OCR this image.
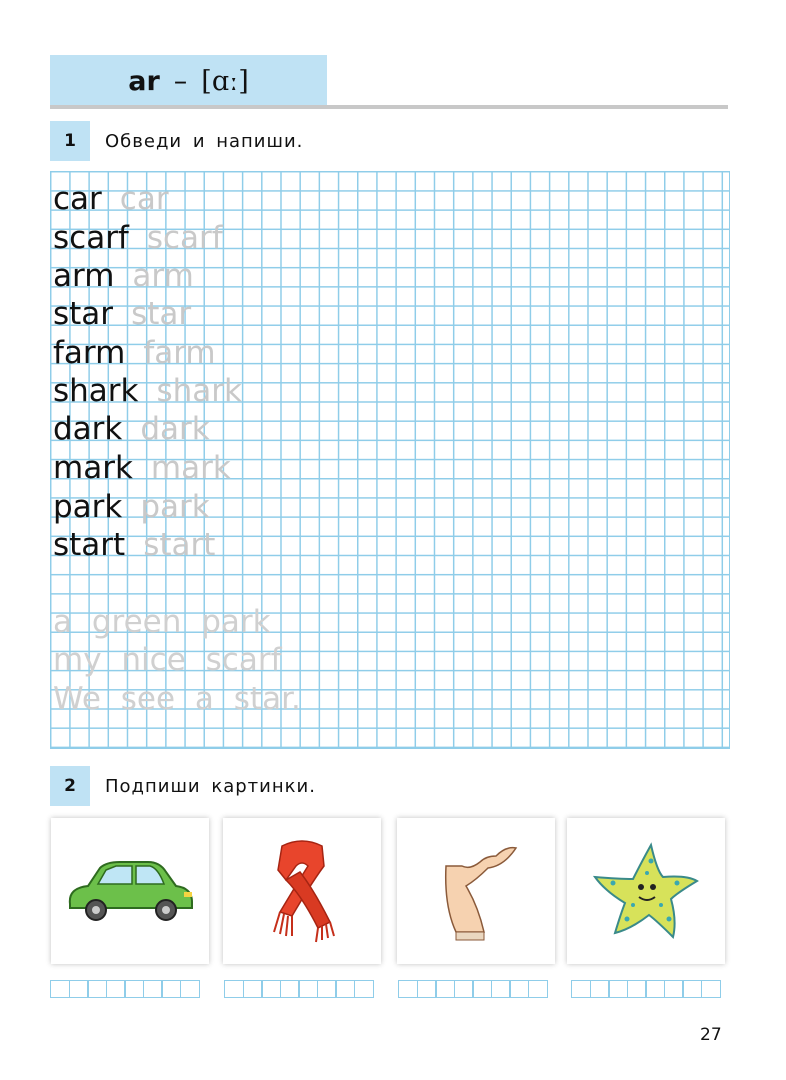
ar – [ɑː]
1	Обведи и напиши.
car car
scarf scarf
arm arm
star star
farm farm
shark shark
dark dark
mark mark
park park
start start
a green park
my nice scarf
We see a star.
2	Подпиши картинки.
27
